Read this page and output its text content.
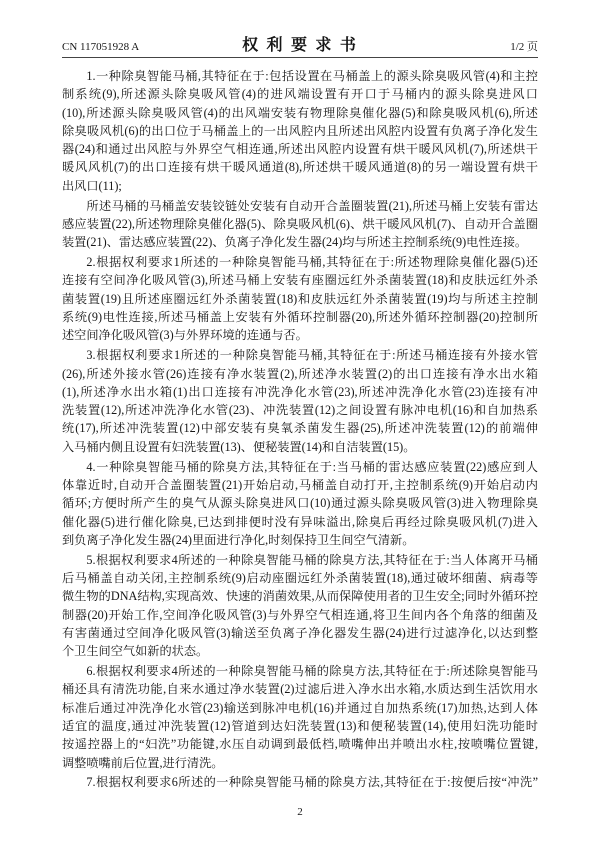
CN 117051928 A	权 利 要 求 书	1/2 页
1.一种除臭智能马桶,其特征在于:包括设置在马桶盖上的源头除臭吸风管(4)和主控
制系统(9),所述源头除臭吸风管(4)的进风端设置有开口于马桶内的源头除臭进风口
(10),所述源头除臭吸风管(4)的出风端安装有物理除臭催化器(5)和除臭吸风机(6),所述
除臭吸风机(6)的出口位于马桶盖上的一出风腔内且所述出风腔内设置有负离子净化发生
器(24)和通过出风腔与外界空气相连通,所述出风腔内设置有烘干暖风风机(7),所述烘干
暖风风机(7)的出口连接有烘干暖风通道(8),所述烘干暖风通道(8)的另一端设置有烘干
出风口(11);
所述马桶的马桶盖安装铰链处安装有自动开合盖圈装置(21),所述马桶上安装有雷达
感应装置(22),所述物理除臭催化器(5)、除臭吸风机(6)、烘干暖风风机(7)、自动开合盖圈
装置(21)、雷达感应装置(22)、负离子净化发生器(24)均与所述主控制系统(9)电性连接。
2.根据权利要求1所述的一种除臭智能马桶,其特征在于:所述物理除臭催化器(5)还
连接有空间净化吸风管(3),所述马桶上安装有座圈远红外杀菌装置(18)和皮肤远红外杀
菌装置(19)且所述座圈远红外杀菌装置(18)和皮肤远红外杀菌装置(19)均与所述主控制
系统(9)电性连接,所述马桶盖上安装有外循环控制器(20),所述外循环控制器(20)控制所
述空间净化吸风管(3)与外界环境的连通与否。
3.根据权利要求1所述的一种除臭智能马桶,其特征在于:所述马桶连接有外接水管
(26),所述外接水管(26)连接有净水装置(2),所述净水装置(2)的出口连接有净水出水箱
(1),所述净水出水箱(1)出口连接有冲洗净化水管(23),所述冲洗净化水管(23)连接有冲
洗装置(12),所述冲洗净化水管(23)、冲洗装置(12)之间设置有脉冲电机(16)和自加热系
统(17),所述冲洗装置(12)中部安装有臭氧杀菌发生器(25),所述冲洗装置(12)的前端伸
入马桶内侧且设置有妇洗装置(13)、便秘装置(14)和自洁装置(15)。
4.一种除臭智能马桶的除臭方法,其特征在于:当马桶的雷达感应装置(22)感应到人
体靠近时,自动开合盖圈装置(21)开始启动,马桶盖自动打开,主控制系统(9)开始启动内
循环;方便时所产生的臭气从源头除臭进风口(10)通过源头除臭吸风管(3)进入物理除臭
催化器(5)进行催化除臭,已达到排便时没有异味溢出,除臭后再经过除臭吸风机(7)进入
到负离子净化发生器(24)里面进行净化,时刻保持卫生间空气清新。
5.根据权利要求4所述的一种除臭智能马桶的除臭方法,其特征在于:当人体离开马桶
后马桶盖自动关闭,主控制系统(9)启动座圈远红外杀菌装置(18),通过破坏细菌、病毒等
微生物的DNA结构,实现高效、快速的消菌效果,从而保障使用者的卫生安全;同时外循环控
制器(20)开始工作,空间净化吸风管(3)与外界空气相连通,将卫生间内各个角落的细菌及
有害菌通过空间净化吸风管(3)输送至负离子净化器发生器(24)进行过滤净化,以达到整
个卫生间空气如新的状态。
6.根据权利要求4所述的一种除臭智能马桶的除臭方法,其特征在于:所述除臭智能马
桶还具有清洗功能,自来水通过净水装置(2)过滤后进入净水出水箱,水质达到生活饮用水
标准后通过冲洗净化水管(23)输送到脉冲电机(16)并通过自加热系统(17)加热,达到人体
适宜的温度,通过冲洗装置(12)管道到达妇洗装置(13)和便秘装置(14),使用妇洗功能时
按遥控器上的“妇洗”功能键,水压自动调到最低档,喷嘴伸出并喷出水柱,按喷嘴位置键,
调整喷嘴前后位置,进行清洗。
7.根据权利要求6所述的一种除臭智能马桶的除臭方法,其特征在于:按便后按“冲洗”
2
